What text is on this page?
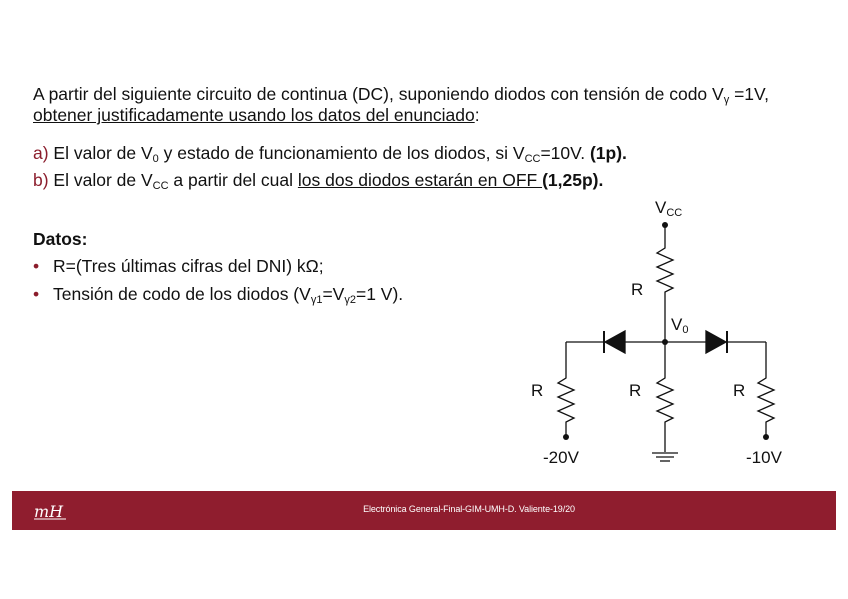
A partir del siguiente circuito de continua (DC), suponiendo diodos con tensión de codo $V_\gamma =1V$,
obtener justificadamente usando los datos del enunciado:
a) El valor de $V_0$ y estado de funcionamiento de los diodos, si $V_{CC}=10V$. (1p).
b) El valor de $V_{CC}$ a partir del cual los dos diodos estarán en OFF (1,25p).
Datos:
• R=(Tres últimas cifras del DNI) kΩ;
• Tensión de codo de los diodos ($V_{\gamma 1}=V_{\gamma 2}=1$ V).
VCC
R
V0
R	R	R
-20V	-10V
mH	Electrónica General-Final-GIM-UMH-D. Valiente-19/20
